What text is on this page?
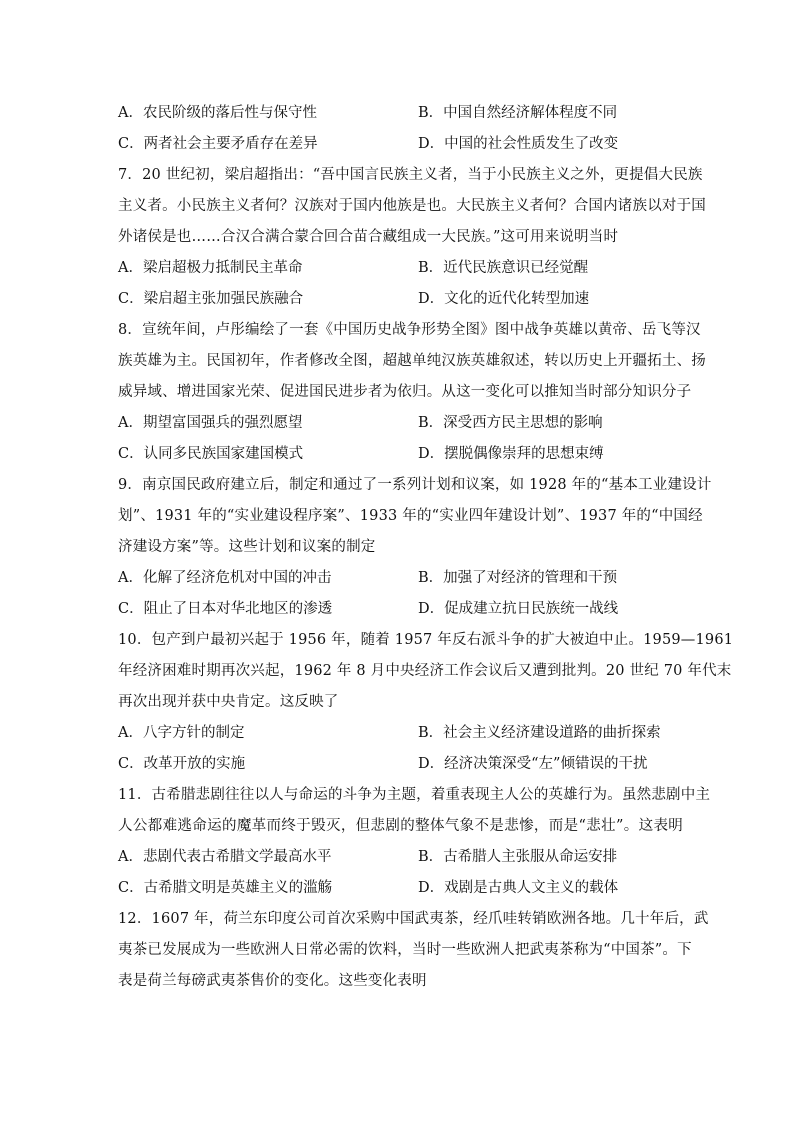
A．农民阶级的落后性与保守性	B．中国自然经济解体程度不同
C．两者社会主要矛盾存在差异	D．中国的社会性质发生了改变
7．20 世纪初，梁启超指出：“吾中国言民族主义者，当于小民族主义之外，更提倡大民族
主义者。小民族主义者何？汉族对于国内他族是也。大民族主义者何？合国内诸族以对于国
外诸侯是也……合汉合满合蒙合回合苗合藏组成一大民族。”这可用来说明当时
A．梁启超极力抵制民主革命	B．近代民族意识已经觉醒
C．梁启超主张加强民族融合	D．文化的近代化转型加速
8．宣统年间，卢彤编绘了一套《中国历史战争形势全图》图中战争英雄以黄帝、岳飞等汉
族英雄为主。民国初年，作者修改全图，超越单纯汉族英雄叙述，转以历史上开疆拓土、扬
威异域、增进国家光荣、促进国民进步者为依归。从这一变化可以推知当时部分知识分子
A．期望富国强兵的强烈愿望	B．深受西方民主思想的影响
C．认同多民族国家建国模式	D．摆脱偶像崇拜的思想束缚
9．南京国民政府建立后，制定和通过了一系列计划和议案，如 1928 年的“基本工业建设计
划”、1931 年的“实业建设程序案”、1933 年的“实业四年建设计划”、1937 年的“中国经
济建设方案”等。这些计划和议案的制定
A．化解了经济危机对中国的冲击	B．加强了对经济的管理和干预
C．阻止了日本对华北地区的渗透	D．促成建立抗日民族统一战线
10．包产到户最初兴起于 1956 年，随着 1957 年反右派斗争的扩大被迫中止。1959—1961
年经济困难时期再次兴起，1962 年 8 月中央经济工作会议后又遭到批判。20 世纪 70 年代末
再次出现并获中央肯定。这反映了
A．八字方针的制定	B．社会主义经济建设道路的曲折探索
C．改革开放的实施	D．经济决策深受“左”倾错误的干扰
11．古希腊悲剧往往以人与命运的斗争为主题，着重表现主人公的英雄行为。虽然悲剧中主
人公都难逃命运的魔革而终于毁灭，但悲剧的整体气象不是悲惨，而是“悲壮”。这表明
A．悲剧代表古希腊文学最高水平	B．古希腊人主张服从命运安排
C．古希腊文明是英雄主义的滥觞	D．戏剧是古典人文主义的载体
12．1607 年，荷兰东印度公司首次采购中国武夷茶，经爪哇转销欧洲各地。几十年后，武
夷茶已发展成为一些欧洲人日常必需的饮料，当时一些欧洲人把武夷茶称为“中国茶”。下
表是荷兰每磅武夷茶售价的变化。这些变化表明
